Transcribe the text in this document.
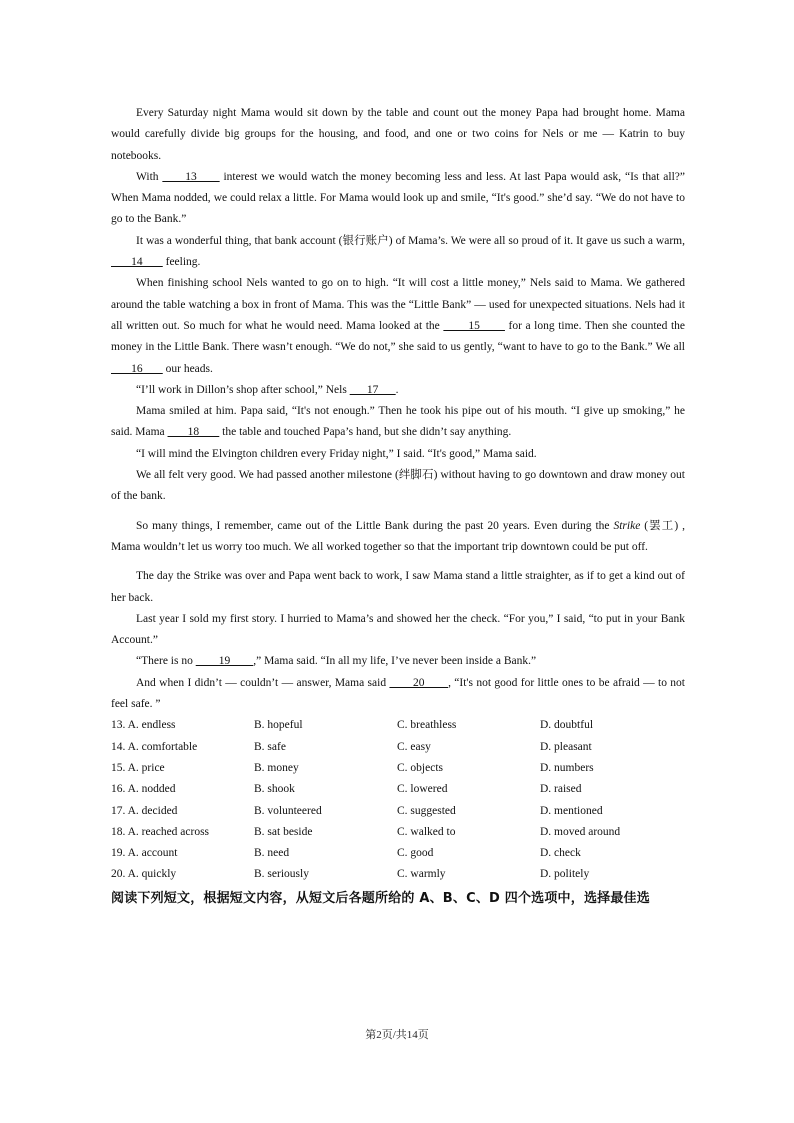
Every Saturday night Mama would sit down by the table and count out the money Papa had brought home. Mama would carefully divide big groups for the housing, and food, and one or two coins for Nels or me — Katrin to buy notebooks.

With       13       interest we would watch the money becoming less and less. At last Papa would ask, “Is that all?” When Mama nodded, we could relax a little. For Mama would look up and smile, “It's good.” she’d say. “We do not have to go to the Bank.”

It was a wonderful thing, that bank account (银行账户) of Mama’s. We were all so proud of it. It gave us such a warm,        14        feeling.

When finishing school Nels wanted to go on to high. “It will cost a little money,” Nels said to Mama. We gathered around the table watching a box in front of Mama. This was the “Little Bank” — used for unexpected situations. Nels had it all written out. So much for what he would need. Mama looked at the        15        for a long time. Then she counted the money in the Little Bank. There wasn’t enough. “We do not,” she said to us gently, “want to have to go to the Bank.” We all        16        our heads.

“I’ll work in Dillon’s shop after school,” Nels       17      .

Mama smiled at him. Papa said, “It's not enough.” Then he took his pipe out of his mouth. “I give up smoking,” he said. Mama        18        the table and touched Papa’s hand, but she didn’t say anything.

“I will mind the Elvington children every Friday night,” I said. “It's good,” Mama said.

We all felt very good. We had passed another milestone (绊脚石) without having to go downtown and draw money out of the bank.

So many things, I remember, came out of the Little Bank during the past 20 years. Even during the Strike (罢工) , Mama wouldn’t let us worry too much. We all worked together so that the important trip downtown could be put off.

The day the Strike was over and Papa went back to work, I saw Mama stand a little straighter, as if to get a kind out of her back.

Last year I sold my first story. I hurried to Mama’s and showed her the check. “For you,” I said, “to put in your Bank Account.”

“There is no         19        ,” Mama said. “In all my life, I’ve never been inside a Bank.”

And when I didn’t — couldn’t — answer, Mama said        20       , “It's not good for little ones to be afraid — to not feel safe. ”

13. A. endless	B. hopeful	C. breathless	D. doubtful
14. A. comfortable	B. safe	C. easy	D. pleasant
15. A. price	B. money	C. objects	D. numbers
16. A. nodded	B. shook	C. lowered	D. raised
17. A. decided	B. volunteered	C. suggested	D. mentioned
18. A. reached across	B. sat beside	C. walked to	D. moved around
19. A. account	B. need	C. good	D. check
20. A. quickly	B. seriously	C. warmly	D. politely
阅读下列短文，根据短文内容，从短文后各题所给的 A、B、C、D 四个选项中，选择最佳选
第2页/共14页
